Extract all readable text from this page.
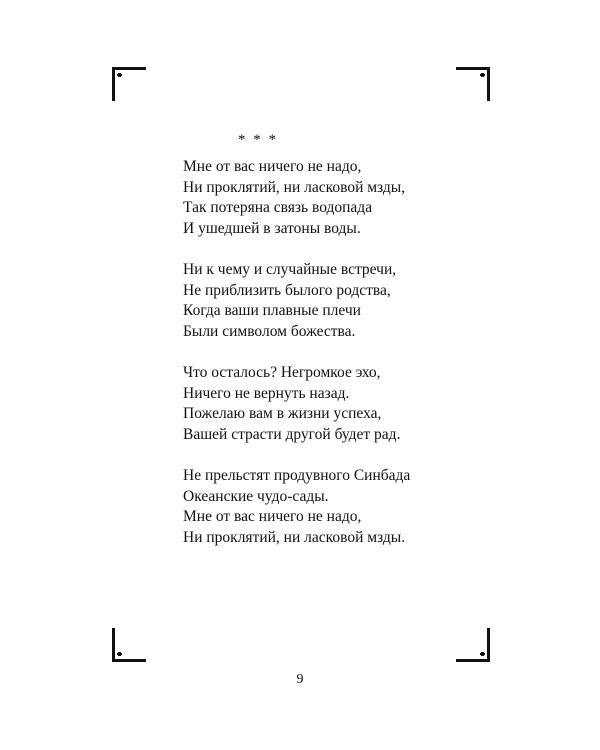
* * *
Мне от вас ничего не надо,
Ни проклятий, ни ласковой мзды,
Так потеряна связь водопада
И ушедшей в затоны воды.
Ни к чему и случайные встречи,
Не приблизить былого родства,
Когда ваши плавные плечи
Были символом божества.
Что осталось? Негромкое эхо,
Ничего не вернуть назад.
Пожелаю вам в жизни успеха,
Вашей страсти другой будет рад.
Не прельстят продувного Синбада
Океанские чудо-сады.
Мне от вас ничего не надо,
Ни проклятий, ни ласковой мзды.
9
